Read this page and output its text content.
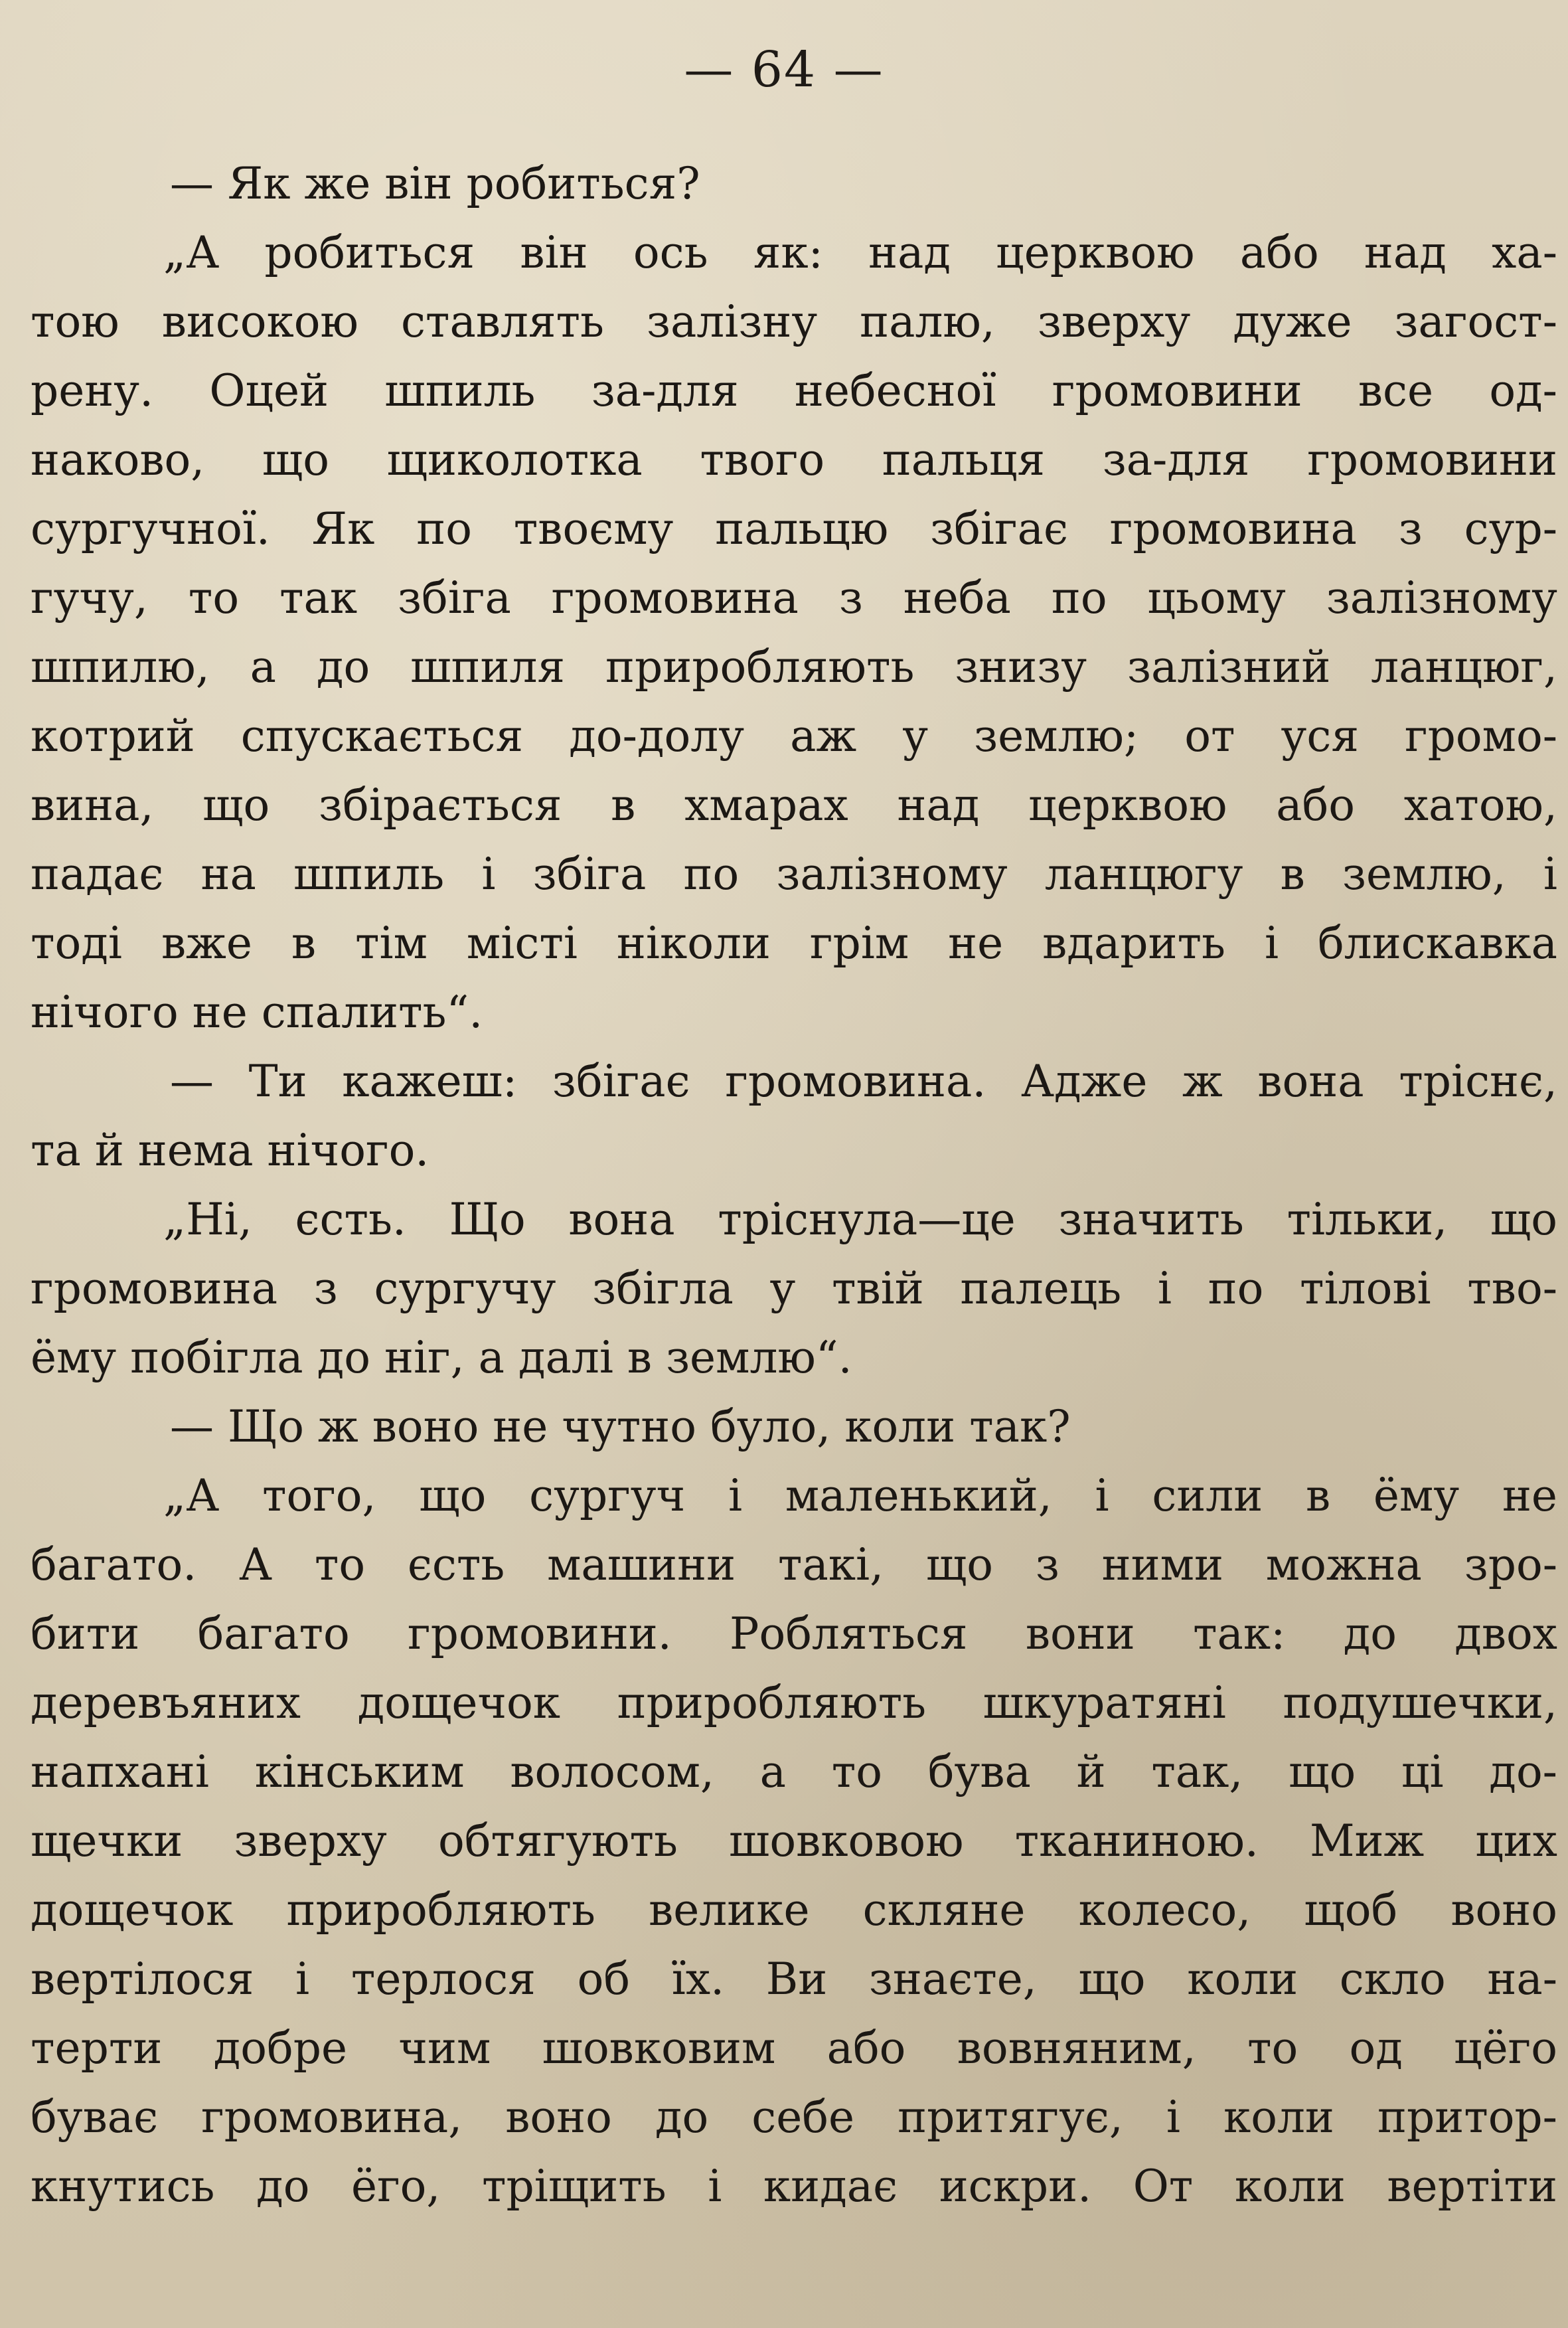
— 64 —
— Як же він робиться?
„А робиться він ось як: над церквою або над ха-
тою високою ставлять залізну палю, зверху дуже загост-
рену. Оцей шпиль за-для небесної громовини все од-
наково, що щиколотка твого пальця за-для громовини
сургучної. Як по твоєму пальцю збігає громовина з сур-
гучу, то так збіга громовина з неба по цьому залізному
шпилю, а до шпиля приробляють знизу залізний ланцюг,
котрий спускається до-долу аж у землю; от уся громо-
вина, що збірається в хмарах над церквою або хатою,
падає на шпиль і збіга по залізному ланцюгу в землю, і
тоді вже в тім місті ніколи грім не вдарить і блискавка
нічого не спалить“.
— Ти кажеш: збігає громовина. Адже ж вона тріснє,
та й нема нічого.
„Ні, єсть. Що вона тріснула—це значить тільки, що
громовина з сургучу збігла у твій палець і по тілові тво-
ёму побігла до ніг, а далі в землю“.
— Що ж воно не чутно було, коли так?
„А того, що сургуч і маленький, і сили в ёму не
багато. А то єсть машини такі, що з ними можна зро-
бити багато громовини. Робляться вони так: до двох
деревъяних дощечок приробляють шкуратяні подушечки,
напхані кінським волосом, а то бува й так, що ці до-
щечки зверху обтягують шовковою тканиною. Миж цих
дощечок приробляють велике скляне колесо, щоб воно
вертілося і терлося об їх. Ви знаєте, що коли скло на-
терти добре чим шовковим або вовняним, то од цёго
буває громовина, воно до себе притягує, і коли притор-
кнутись до ёго, тріщить і кидає искри. От коли вертіти
